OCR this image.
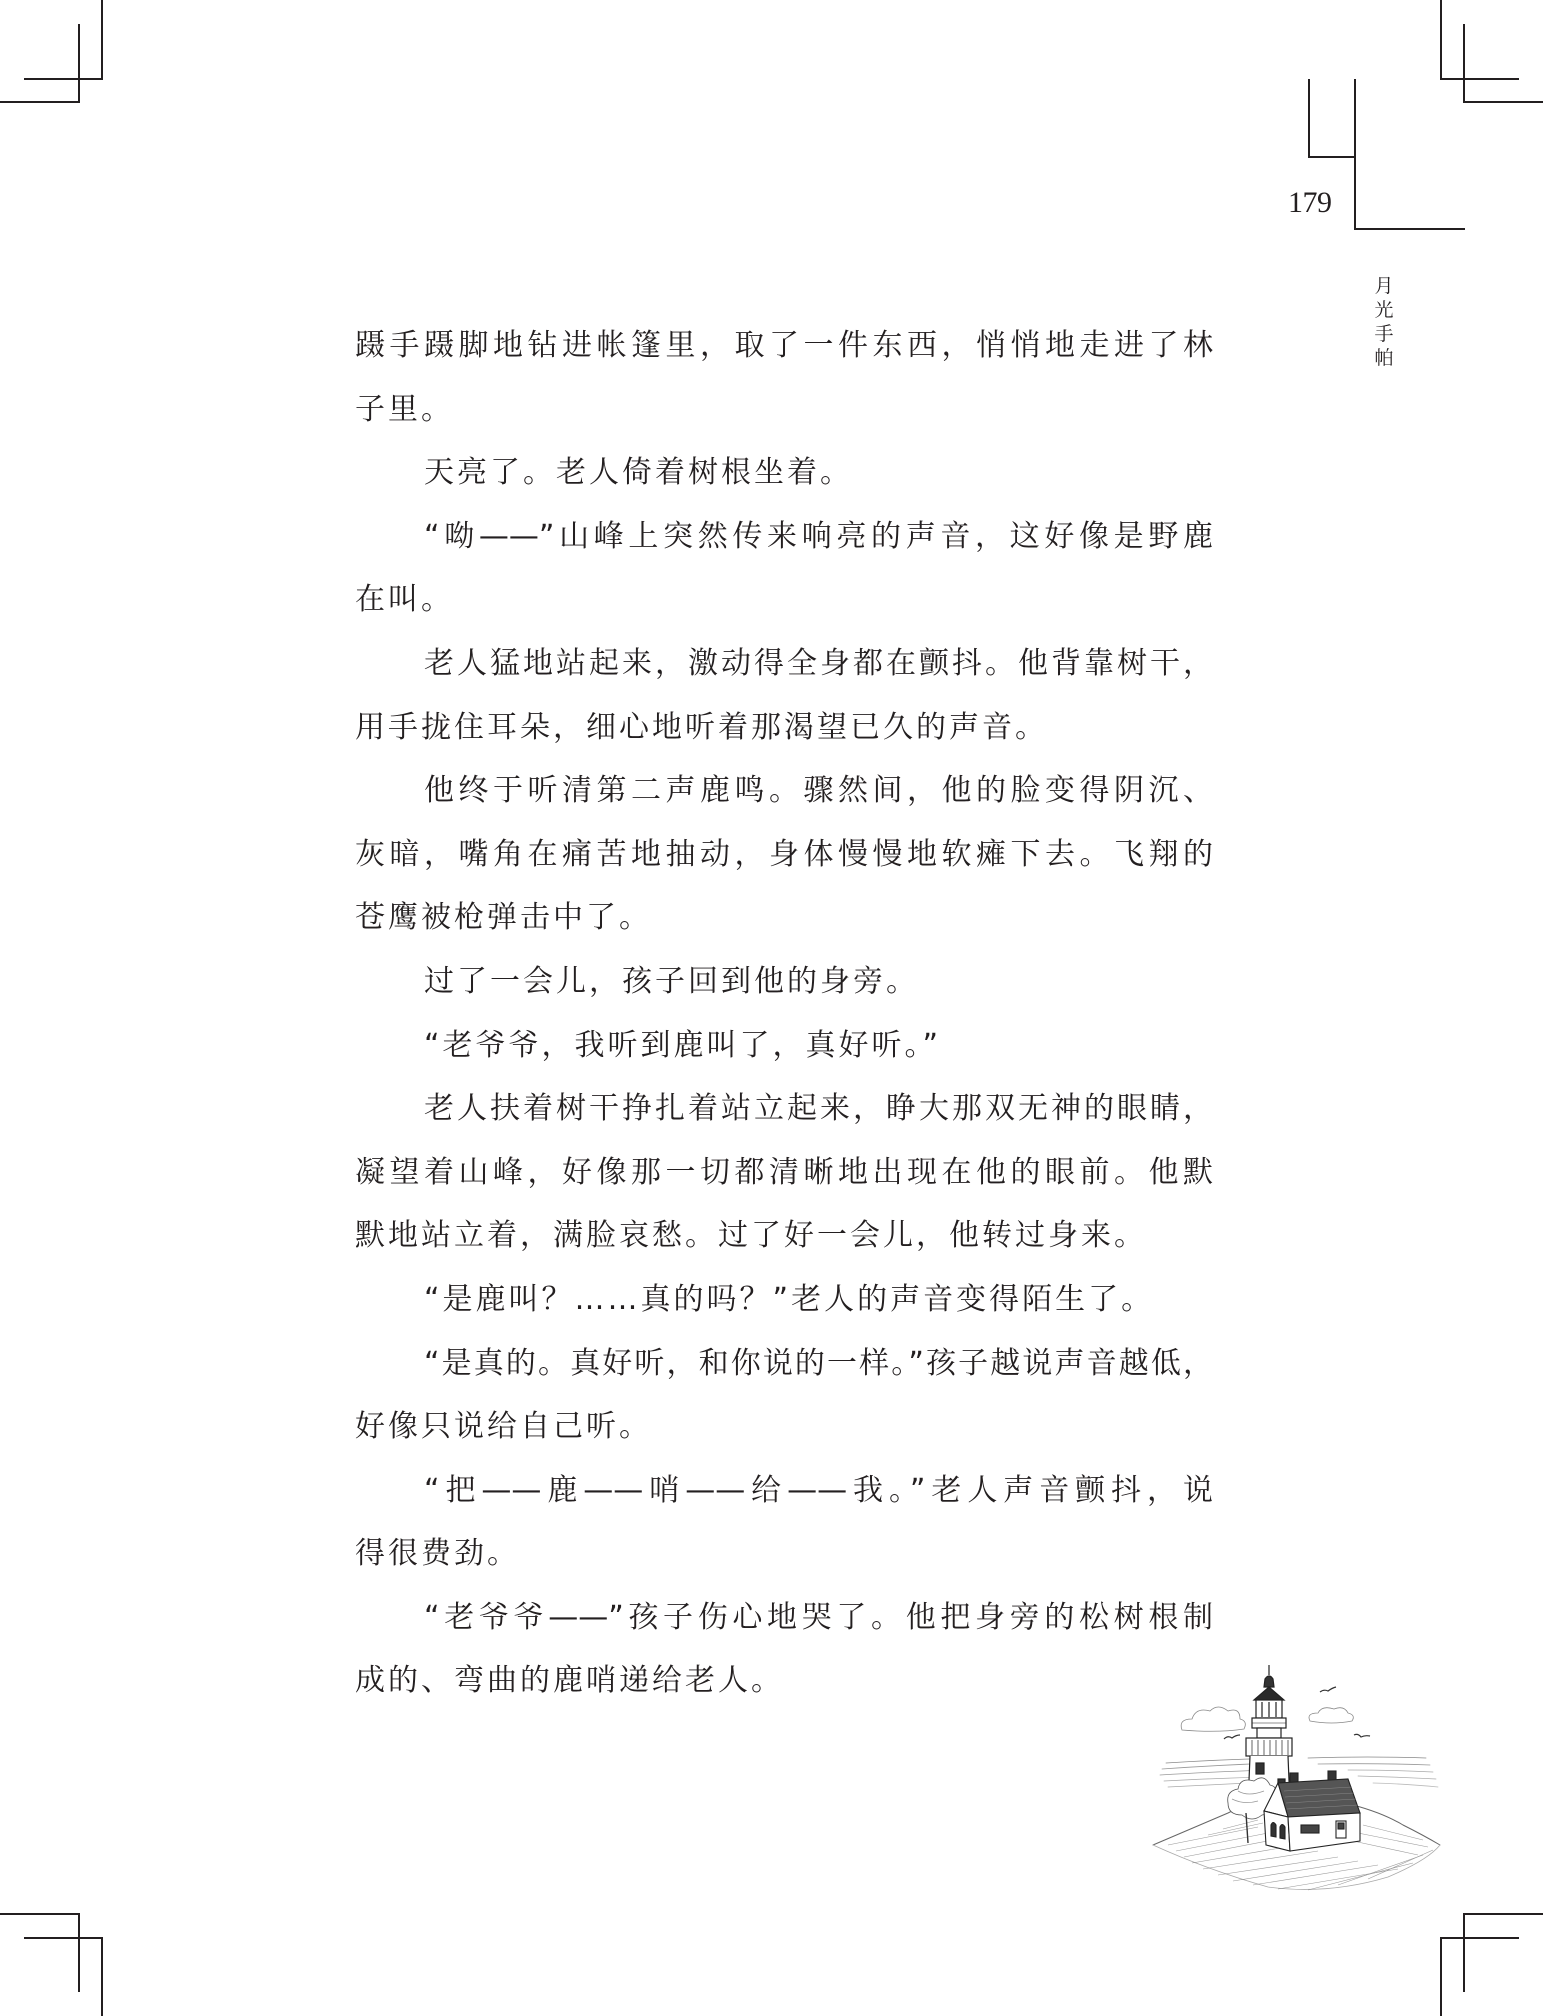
179
月
光
手
帕
蹑手蹑脚地钻进帐篷里，取了一件东西，悄悄地走进了林
子里。
天亮了。老人倚着树根坐着。
“呦——”山峰上突然传来响亮的声音，这好像是野鹿
在叫。
老人猛地站起来，激动得全身都在颤抖。他背靠树干，
用手拢住耳朵，细心地听着那渴望已久的声音。
他终于听清第二声鹿鸣。骤然间，他的脸变得阴沉、
灰暗，嘴角在痛苦地抽动，身体慢慢地软瘫下去。飞翔的
苍鹰被枪弹击中了。
过了一会儿，孩子回到他的身旁。
“老爷爷，我听到鹿叫了，真好听。”
老人扶着树干挣扎着站立起来，睁大那双无神的眼睛，
凝望着山峰，好像那一切都清晰地出现在他的眼前。他默
默地站立着，满脸哀愁。过了好一会儿，他转过身来。
“是鹿叫？……真的吗？”老人的声音变得陌生了。
“是真的。真好听，和你说的一样。”孩子越说声音越低，
好像只说给自己听。
“把——鹿——哨——给——我。”老人声音颤抖，说
得很费劲。
“老爷爷——”孩子伤心地哭了。他把身旁的松树根制
成的、弯曲的鹿哨递给老人。
